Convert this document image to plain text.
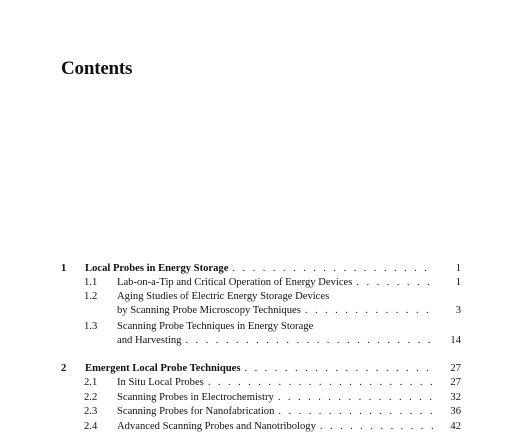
Contents
1 Local Probes in Energy Storage . . .	1
1.1 Lab-on-a-Tip and Critical Operation of Energy Devices . . .	1
1.2 Aging Studies of Electric Energy Storage Devices
by Scanning Probe Microscopy Techniques . . .	3
1.3 Scanning Probe Techniques in Energy Storage
and Harvesting . . .	14
2 Emergent Local Probe Techniques . . .	27
2.1 In Situ Local Probes . . .	27
2.2 Scanning Probes in Electrochemistry . . .	32
2.3 Scanning Probes for Nanofabrication . . .	36
2.4 Advanced Scanning Probes and Nanotribology . . .	42
